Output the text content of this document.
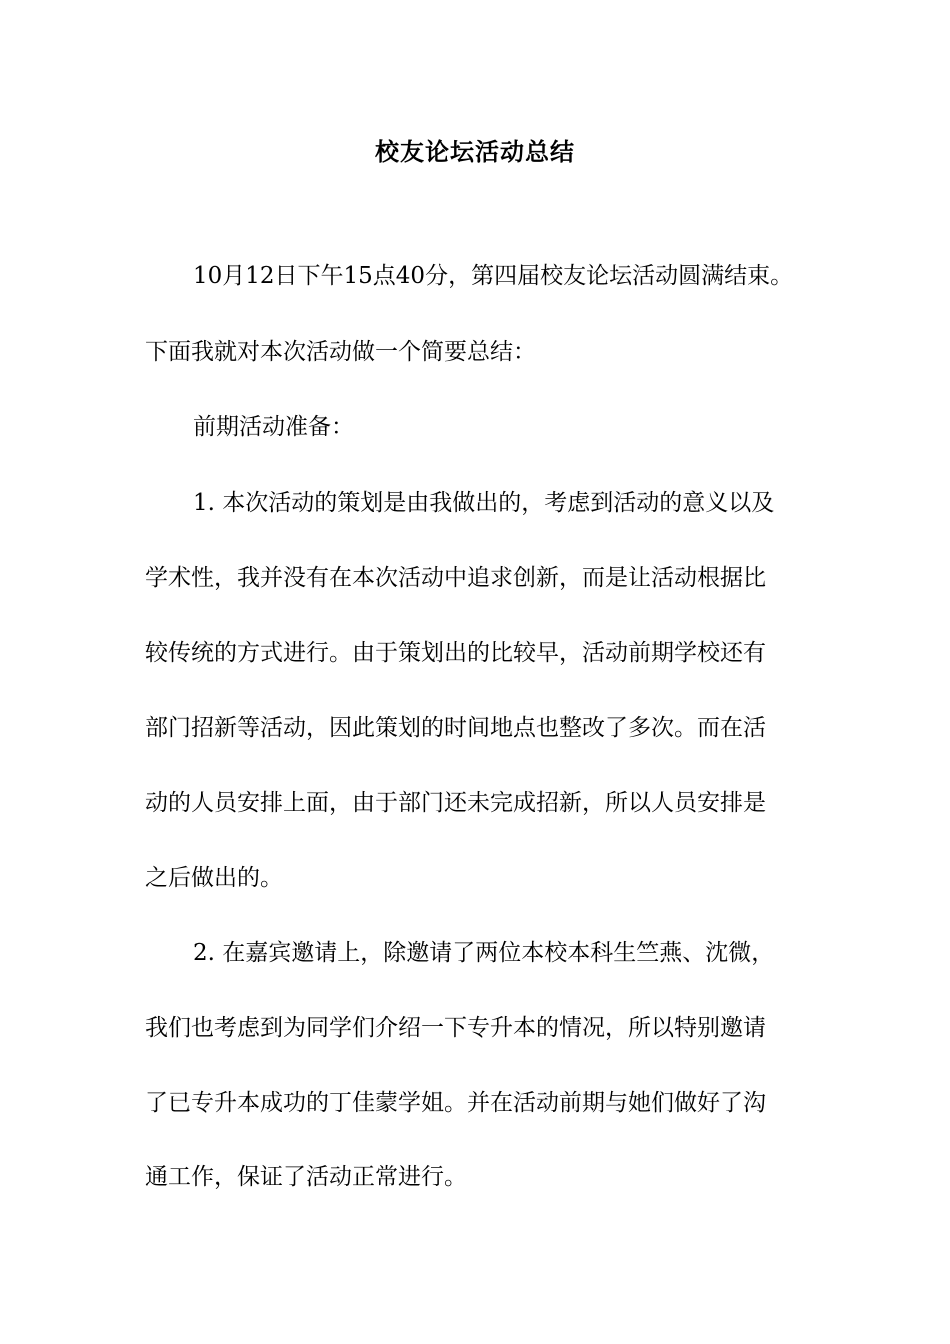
校友论坛活动总结
10月12日下午15点40分，第四届校友论坛活动圆满结束。
下面我就对本次活动做一个简要总结：
前期活动准备：
1. 本次活动的策划是由我做出的，考虑到活动的意义以及
学术性，我并没有在本次活动中追求创新，而是让活动根据比
较传统的方式进行。由于策划出的比较早，活动前期学校还有
部门招新等活动，因此策划的时间地点也整改了多次。而在活
动的人员安排上面，由于部门还未完成招新，所以人员安排是
之后做出的。
2. 在嘉宾邀请上，除邀请了两位本校本科生竺燕、沈微，
我们也考虑到为同学们介绍一下专升本的情况，所以特别邀请
了已专升本成功的丁佳蒙学姐。并在活动前期与她们做好了沟
通工作，保证了活动正常进行。
